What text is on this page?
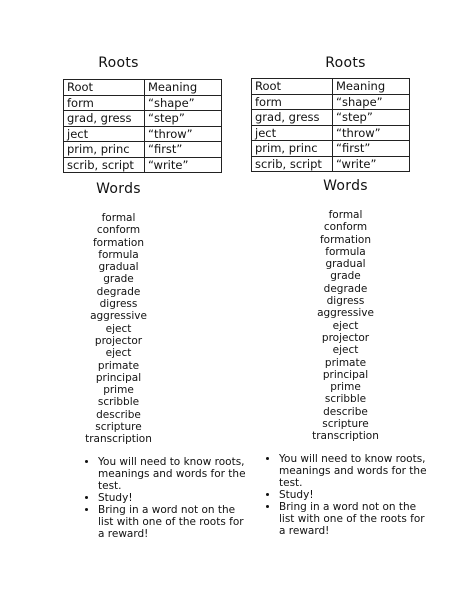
Roots
Root	Meaning
form	“shape”
grad, gress	“step”
ject	“throw”
prim, princ	“first”
scrib, script	“write”
Words
formal
conform
formation
formula
gradual
grade
degrade
digress
aggressive
eject
projector
eject
primate
principal
prime
scribble
describe
scripture
transcription
• You will need to know roots, meanings and words for the test.
• Study!
• Bring in a word not on the list with one of the roots for a reward!
Roots
Root	Meaning
form	“shape”
grad, gress	“step”
ject	“throw”
prim, princ	“first”
scrib, script	“write”
Words
formal
conform
formation
formula
gradual
grade
degrade
digress
aggressive
eject
projector
eject
primate
principal
prime
scribble
describe
scripture
transcription
• You will need to know roots, meanings and words for the test.
• Study!
• Bring in a word not on the list with one of the roots for a reward!
